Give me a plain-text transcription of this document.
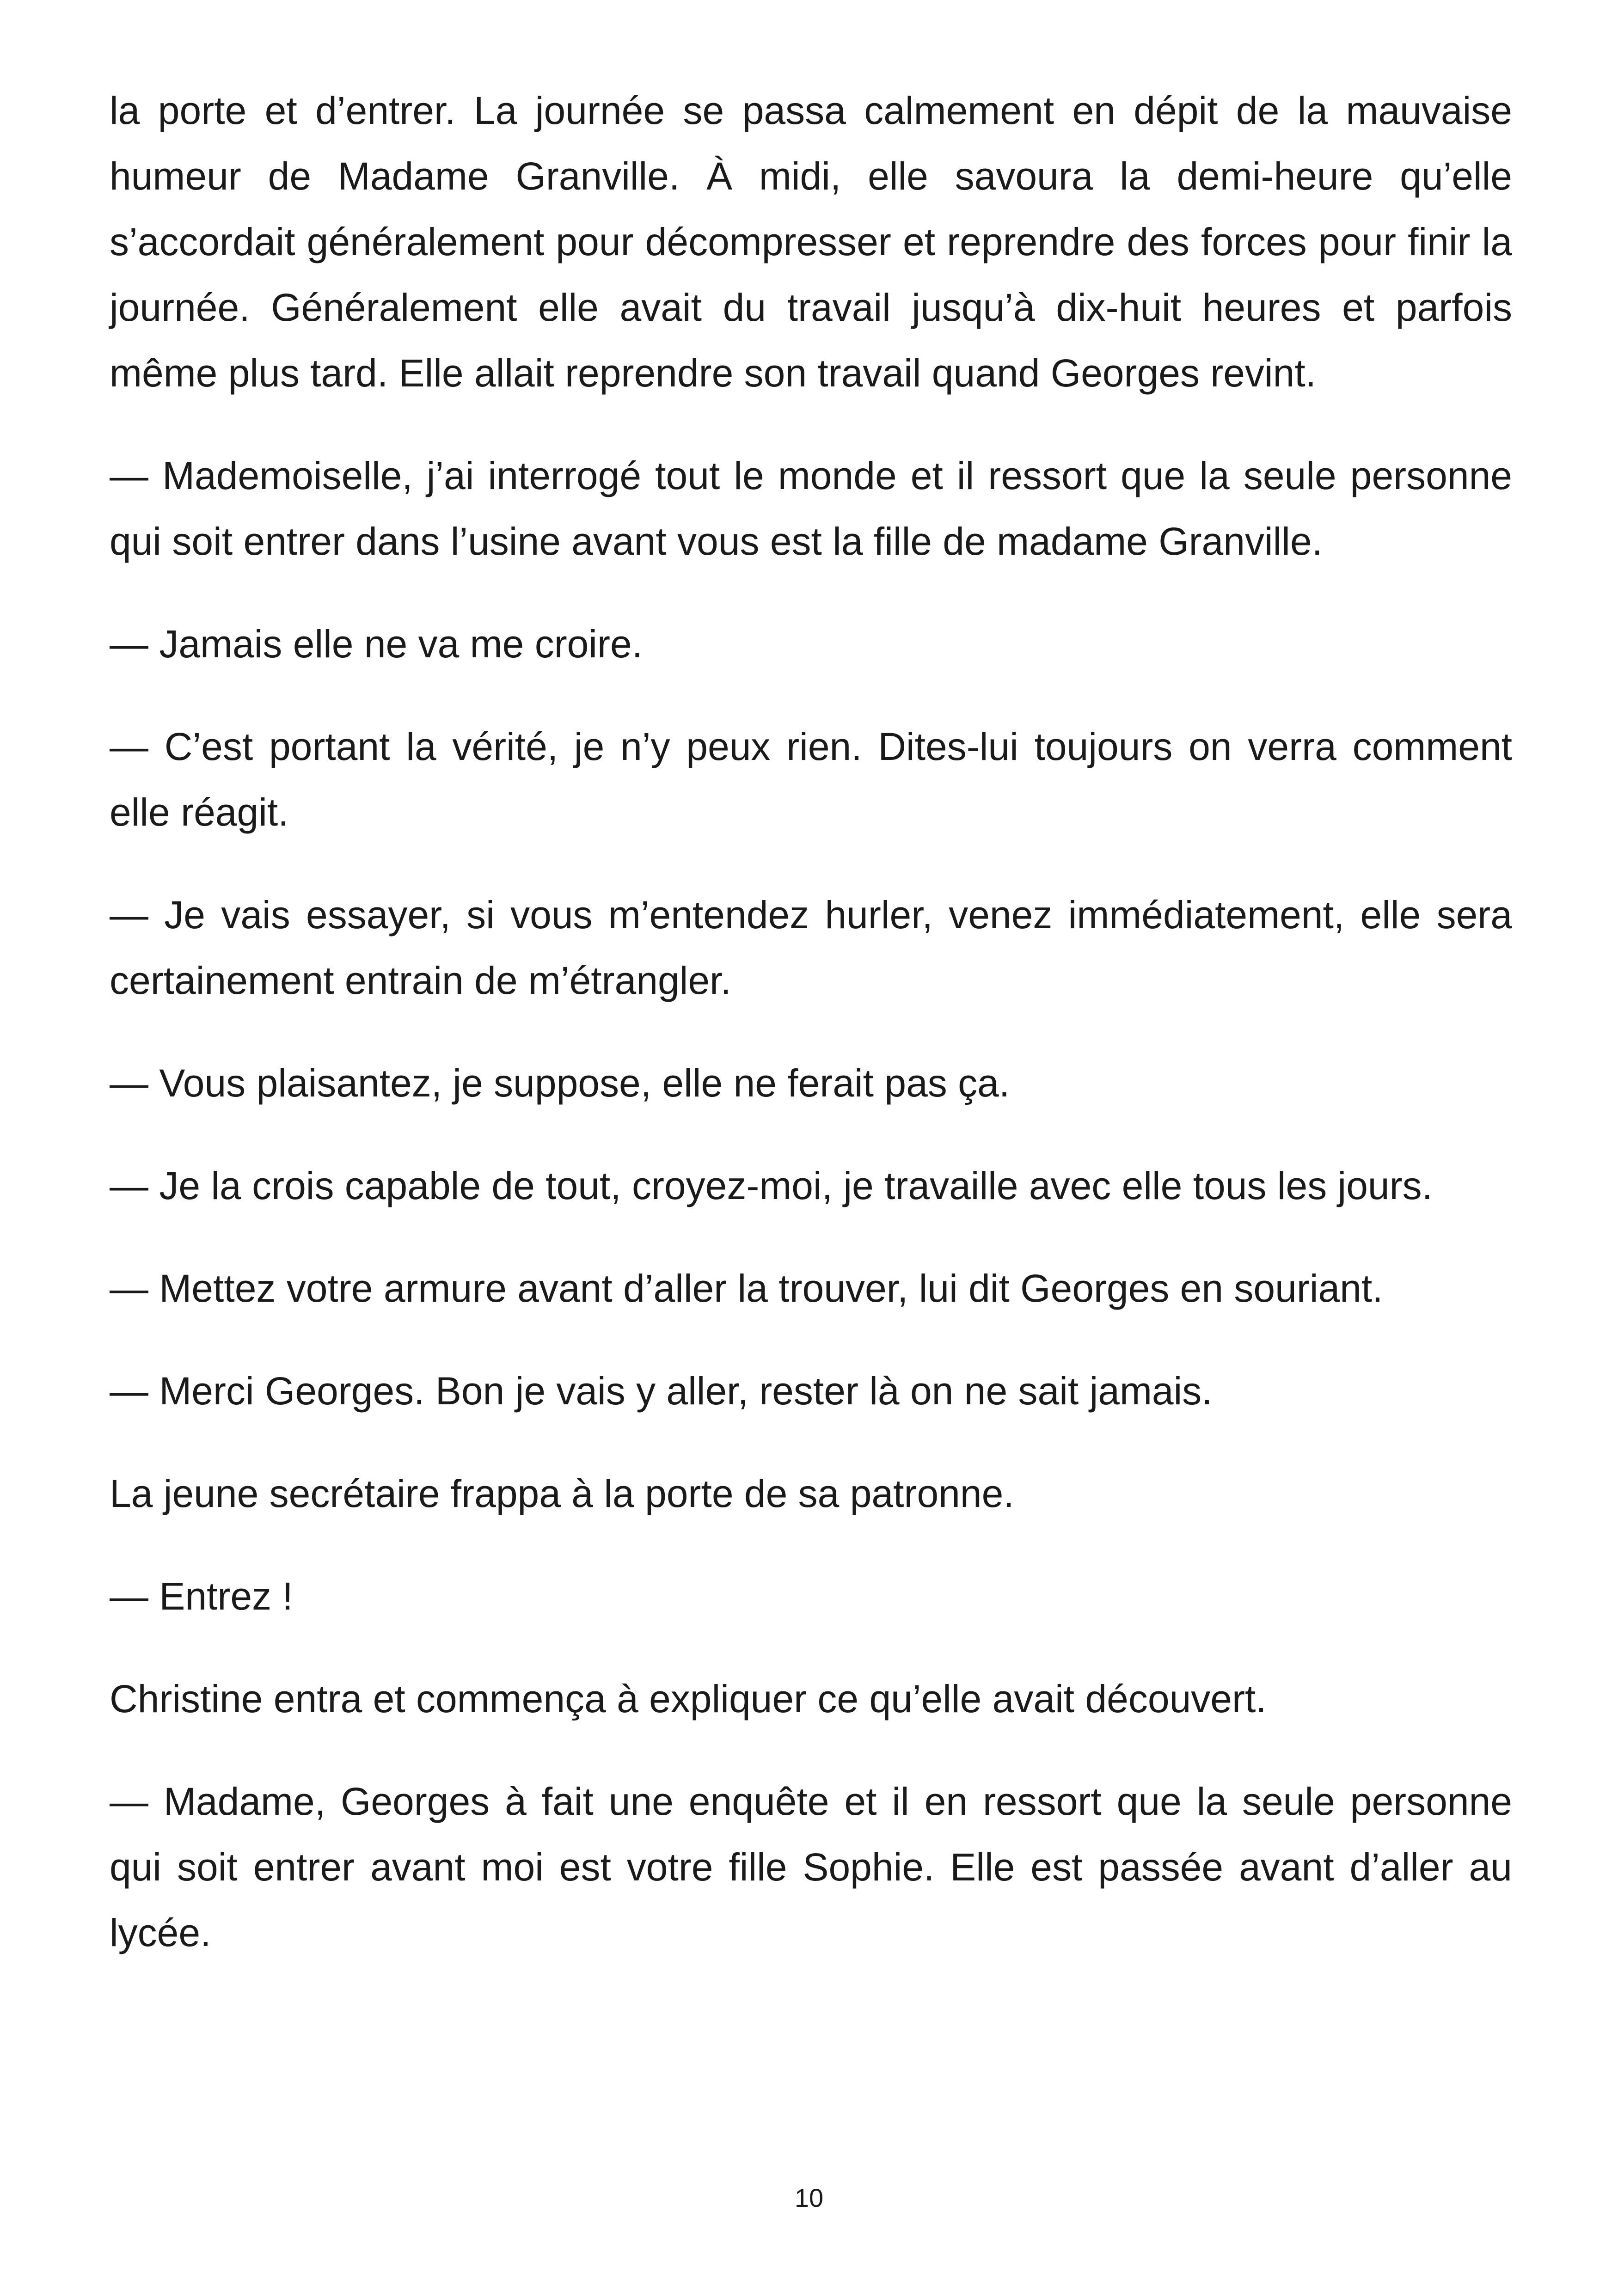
la porte et d’entrer. La journée se passa calmement en dépit de la mauvaise humeur de Madame Granville. À midi, elle savoura la demi-heure qu’elle s’accordait généralement pour décompresser et reprendre des forces pour finir la journée. Généralement elle avait du travail jusqu’à dix-huit heures et parfois même plus tard. Elle allait reprendre son travail quand Georges revint.

— Mademoiselle, j’ai interrogé tout le monde et il ressort que la seule personne qui soit entrer dans l’usine avant vous est la fille de madame Granville.

— Jamais elle ne va me croire.

— C’est portant la vérité, je n’y peux rien. Dites-lui toujours on verra comment elle réagit.

— Je vais essayer, si vous m’entendez hurler, venez immédiatement, elle sera certainement entrain de m’étrangler.

— Vous plaisantez, je suppose, elle ne ferait pas ça.

— Je la crois capable de tout, croyez-moi, je travaille avec elle tous les jours.

— Mettez votre armure avant d’aller la trouver, lui dit Georges en souriant.

— Merci Georges. Bon je vais y aller, rester là on ne sait jamais.

La jeune secrétaire frappa à la porte de sa patronne.

— Entrez !

Christine entra et commença à expliquer ce qu’elle avait découvert.

— Madame, Georges à fait une enquête et il en ressort que la seule personne qui soit entrer avant moi est votre fille Sophie. Elle est passée avant d’aller au lycée.

10
